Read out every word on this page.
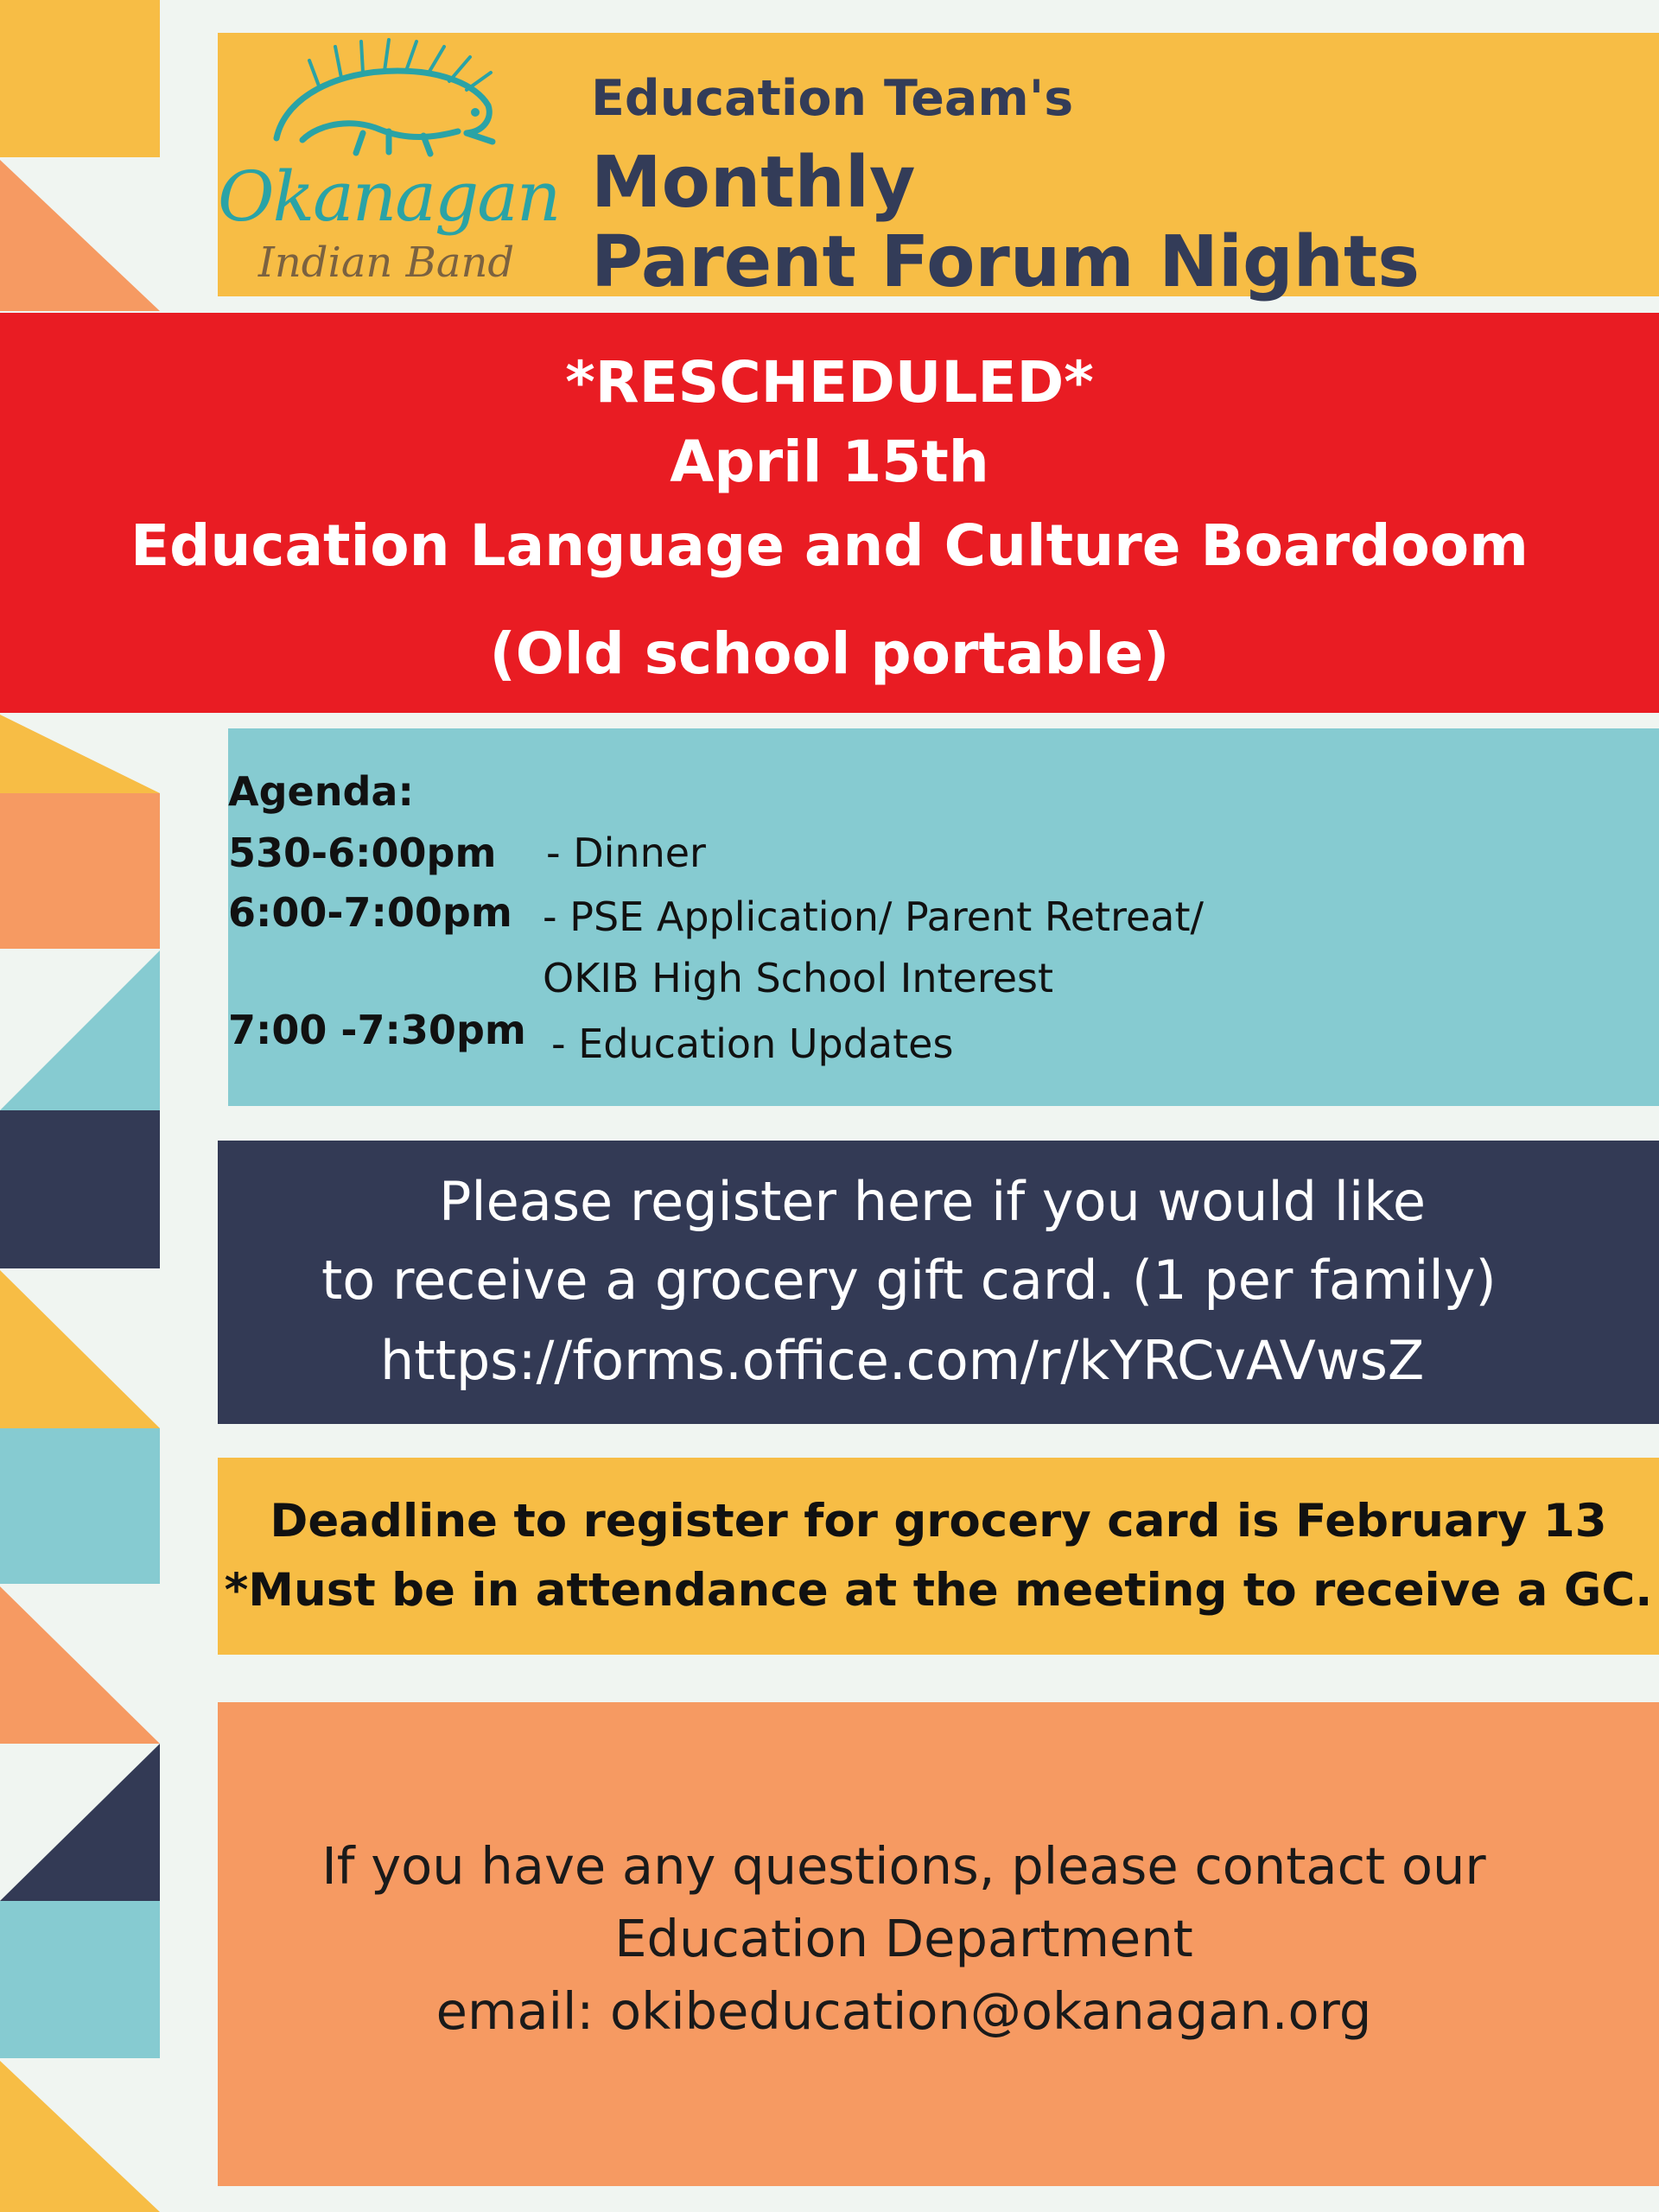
Okanagan
Indian Band
Education Team's
Monthly
Parent Forum Nights
*RESCHEDULED*
April 15th
Education Language and Culture Boardoom
(Old school portable)
Agenda:
530-6:00pm - Dinner
6:00-7:00pm - PSE Application/ Parent Retreat/
OKIB High School Interest
7:00 -7:30pm - Education Updates
Please register here if you would like
to receive a grocery gift card. (1 per family)
https://forms.office.com/r/kYRCvAVwsZ
Deadline to register for grocery card is February 13
*Must be in attendance at the meeting to receive a GC.
If you have any questions, please contact our
Education Department
email: okibeducation@okanagan.org
